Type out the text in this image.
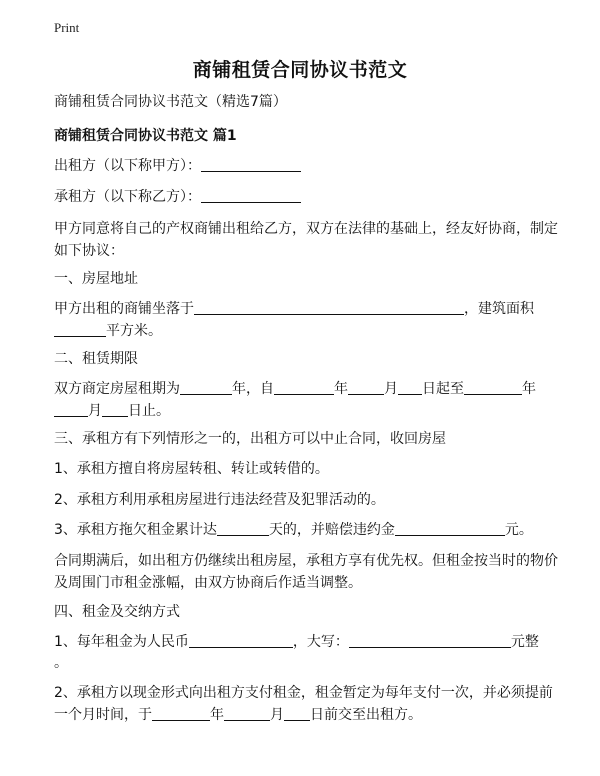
Print
商铺租赁合同协议书范文
商铺租赁合同协议书范文（精选7篇）
商铺租赁合同协议书范文 篇1
出租方（以下称甲方）：
承租方（以下称乙方）：
甲方同意将自己的产权商铺出租给乙方，双方在法律的基础上，经友好协商，制定
如下协议：
一、房屋地址
甲方出租的商铺坐落于	，建筑面积
平方米。
二、租赁期限
双方商定房屋租期为	年，自	年	月 日起至	年
月 日止。
三、承租方有下列情形之一的，出租方可以中止合同，收回房屋
1、承租方擅自将房屋转租、转让或转借的。
2、承租方利用承租房屋进行违法经营及犯罪活动的。
3、承租方拖欠租金累计达	天的，并赔偿违约金	元。
合同期满后，如出租方仍继续出租房屋，承租方享有优先权。但租金按当时的物价
及周围门市租金涨幅，由双方协商后作适当调整。
四、租金及交纳方式
1、每年租金为人民币	，大写：	元整
。
2、承租方以现金形式向出租方支付租金，租金暂定为每年支付一次，并必须提前
一个月时间，于	年	月 日前交至出租方。
